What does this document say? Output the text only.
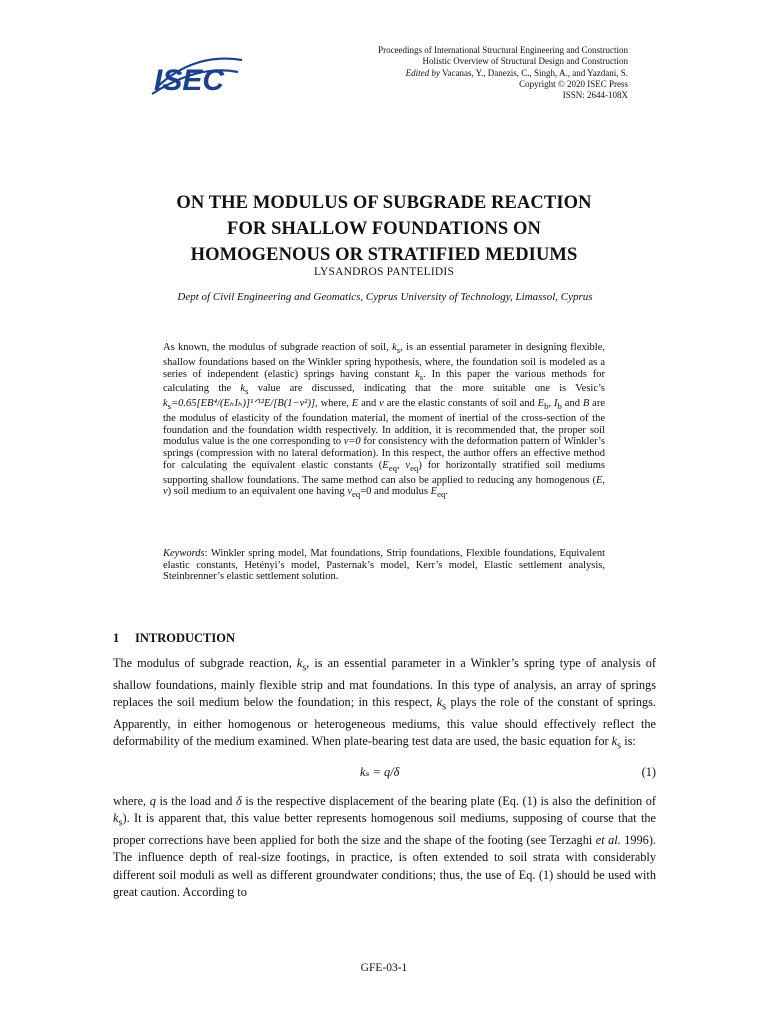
ISEC
Proceedings of International Structural Engineering and Construction
Holistic Overview of Structural Design and Construction
Edited by Vacanas, Y., Danezis, C., Singh, A., and Yazdani, S.
Copyright © 2020 ISEC Press
ISSN: 2644-108X
ON THE MODULUS OF SUBGRADE REACTION
FOR SHALLOW FOUNDATIONS ON
HOMOGENOUS OR STRATIFIED MEDIUMS
LYSANDROS PANTELIDIS
Dept of Civil Engineering and Geomatics, Cyprus University of Technology, Limassol, Cyprus
As known, the modulus of subgrade reaction of soil, $k_s$, is an essential parameter in designing flexible, shallow foundations based on the Winkler spring hypothesis, where, the foundation soil is modeled as a series of independent (elastic) springs having constant $k_s$. In this paper the various methods for calculating the $k_s$ value are discussed, indicating that the more suitable one is Vesic’s $k_s=0.65[EB^4/(E_hI_h)]^1ᐟ^{12}E/[B(1-\nu^2)]$, where, E and ν are the elastic constants of soil and $E_b$, $I_b$ and B are the modulus of elasticity of the foundation material, the moment of inertial of the cross-section of the foundation and the foundation width respectively. In addition, it is recommended that, the proper soil modulus value is the one corresponding to ν=0 for consistency with the deformation pattern of Winkler’s springs (compression with no lateral deformation). In this respect, the author offers an effective method for calculating the equivalent elastic constants ($E_{eq}$, $\nu_{eq}$) for horizontally stratified soil mediums supporting shallow foundations. The same method can also be applied to reducing any homogenous (E, ν) soil medium to an equivalent one having $\nu_{eq}=0$ and modulus $E_{eq}$.
Keywords: Winkler spring model, Mat foundations, Strip foundations, Flexible foundations, Equivalent elastic constants, Hetényi’s model, Pasternak’s model, Kerr’s model, Elastic settlement analysis, Steinbrenner’s elastic settlement solution.
1 INTRODUCTION
The modulus of subgrade reaction, $k_s$, is an essential parameter in a Winkler’s spring type of analysis of shallow foundations, mainly flexible strip and mat foundations. In this type of analysis, an array of springs replaces the soil medium below the foundation; in this respect, $k_s$ plays the role of the constant of springs. Apparently, in either homogenous or heterogeneous mediums, this value should effectively reflect the deformability of the medium examined. When plate-bearing test data are used, the basic equation for $k_s$ is:
kₛ = q/δ	(1)
where, q is the load and δ is the respective displacement of the bearing plate (Eq. (1) is also the definition of $k_s$). It is apparent that, this value better represents homogenous soil mediums, supposing of course that the proper corrections have been applied for both the size and the shape of the footing (see Terzaghi et al. 1996). The influence depth of real-size footings, in practice, is often extended to soil strata with considerably different soil moduli as well as different groundwater conditions; thus, the use of Eq. (1) should be used with great caution. According to
GFE-03-1
